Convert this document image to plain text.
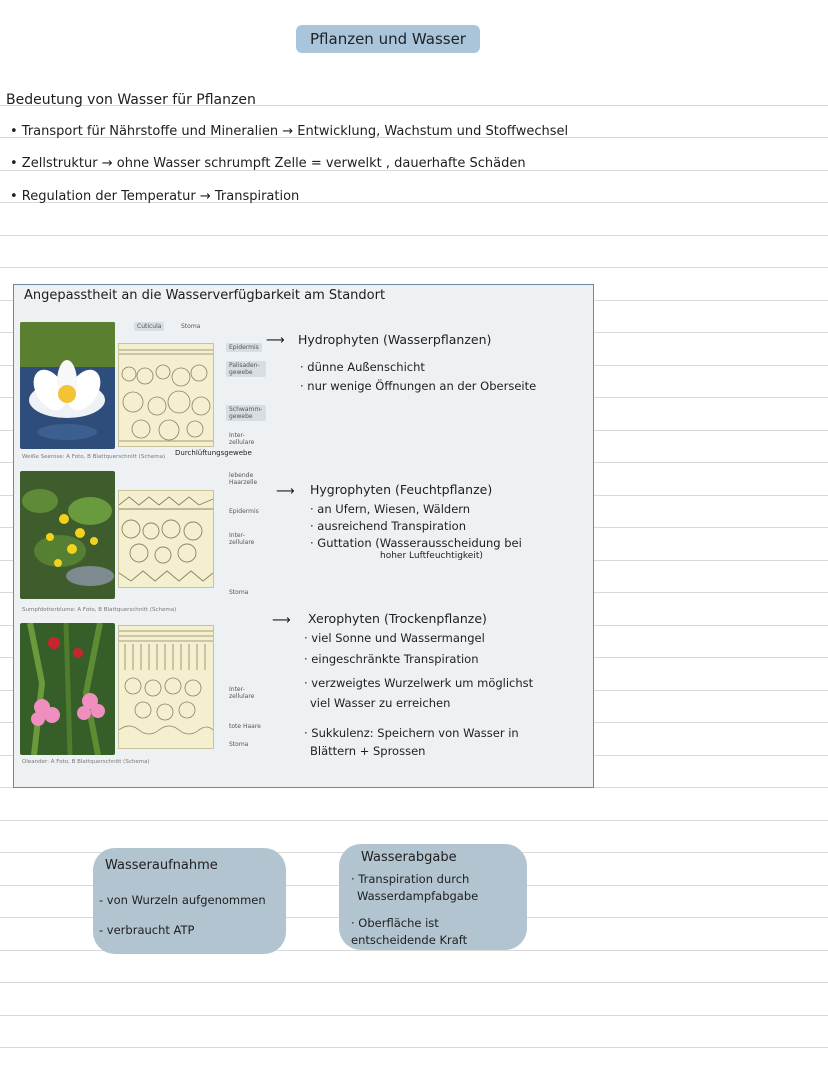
Pflanzen und Wasser
Bedeutung von Wasser für Pflanzen
• Transport für Nährstoffe und Mineralien → Entwicklung, Wachstum und Stoffwechsel
• Zellstruktur → ohne Wasser schrumpft Zelle = verwelkt , dauerhafte Schäden
• Regulation der Temperatur → Transpiration
Angepasstheit an die Wasserverfügbarkeit am Standort
Cuticula	Stoma
Epidermis
Palisaden-gewebe
Schwamm-gewebe
Inter-zellulare
Weiße Seerose: A Foto, B Blattquerschnitt (Schema) Durchlüftungsgewebe
⟶ Hydrophyten (Wasserpflanzen)
· dünne Außenschicht
· nur wenige Öffnungen an der Oberseite
lebende Haarzelle
Epidermis
Inter-zellulare
Stoma
Sumpfdotterblume: A Foto, B Blattquerschnitt (Schema)
⟶ Hygrophyten (Feuchtpflanze)
· an Ufern, Wiesen, Wäldern
· ausreichend Transpiration
· Guttation (Wasserausscheidung bei
hoher Luftfeuchtigkeit)
Inter-zellulare
tote Haare
Stoma
Oleander: A Foto, B Blattquerschnitt (Schema)
⟶ Xerophyten (Trockenpflanze)
· viel Sonne und Wassermangel
· eingeschränkte Transpiration
· verzweigtes Wurzelwerk um möglichst
viel Wasser zu erreichen
· Sukkulenz: Speichern von Wasser in
Blättern + Sprossen
Wasseraufnahme
- von Wurzeln aufgenommen
- verbraucht ATP
Wasserabgabe
· Transpiration durch
Wasserdampfabgabe
· Oberfläche ist
entscheidende Kraft
